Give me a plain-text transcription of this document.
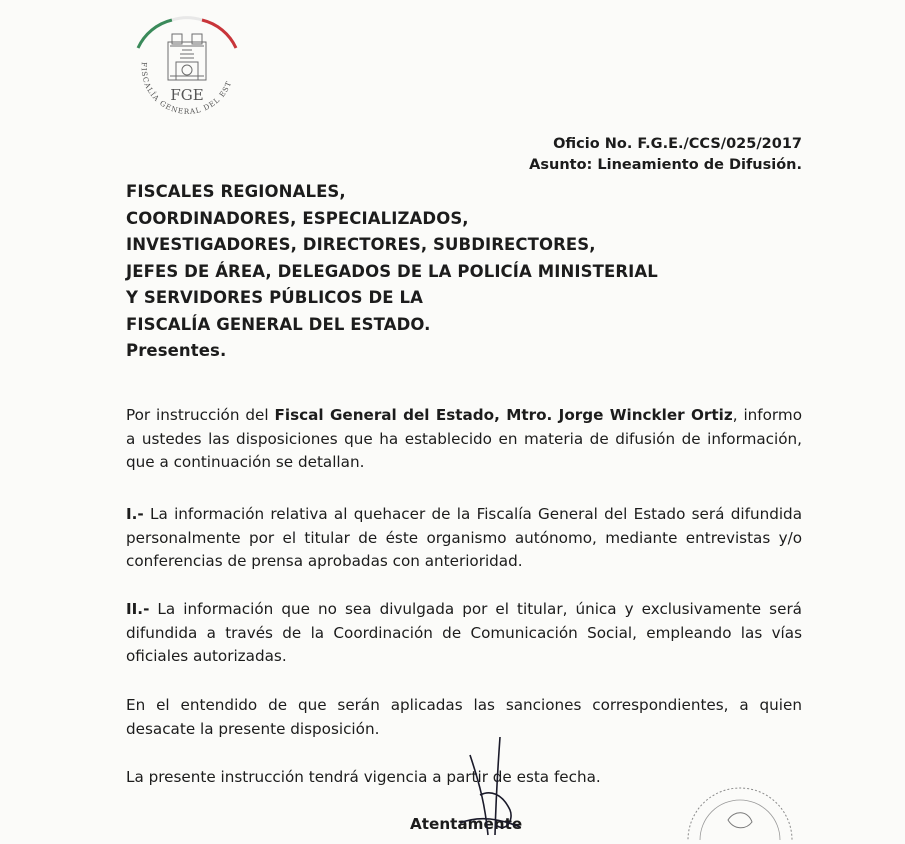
FGE
FISCALÍA GENERAL DEL EST
Oficio No. F.G.E./CCS/025/2017
Asunto: Lineamiento de Difusión.
FISCALES REGIONALES,
COORDINADORES, ESPECIALIZADOS,
INVESTIGADORES, DIRECTORES, SUBDIRECTORES,
JEFES DE ÁREA, DELEGADOS DE LA POLICÍA MINISTERIAL
Y SERVIDORES PÚBLICOS DE LA
FISCALÍA GENERAL DEL ESTADO.
Presentes.
Por instrucción del Fiscal General del Estado, Mtro. Jorge Winckler Ortiz, informo a ustedes las disposiciones que ha establecido en materia de difusión de información, que a continuación se detallan.
I.- La información relativa al quehacer de la Fiscalía General del Estado será difundida personalmente por el titular de éste organismo autónomo, mediante entrevistas y/o conferencias de prensa aprobadas con anterioridad.
II.- La información que no sea divulgada por el titular, única y exclusivamente será difundida a través de la Coordinación de Comunicación Social, empleando las vías oficiales autorizadas.
En el entendido de que serán aplicadas las sanciones correspondientes, a quien desacate la presente disposición.
La presente instrucción tendrá vigencia a partir de esta fecha.
Atentamente
